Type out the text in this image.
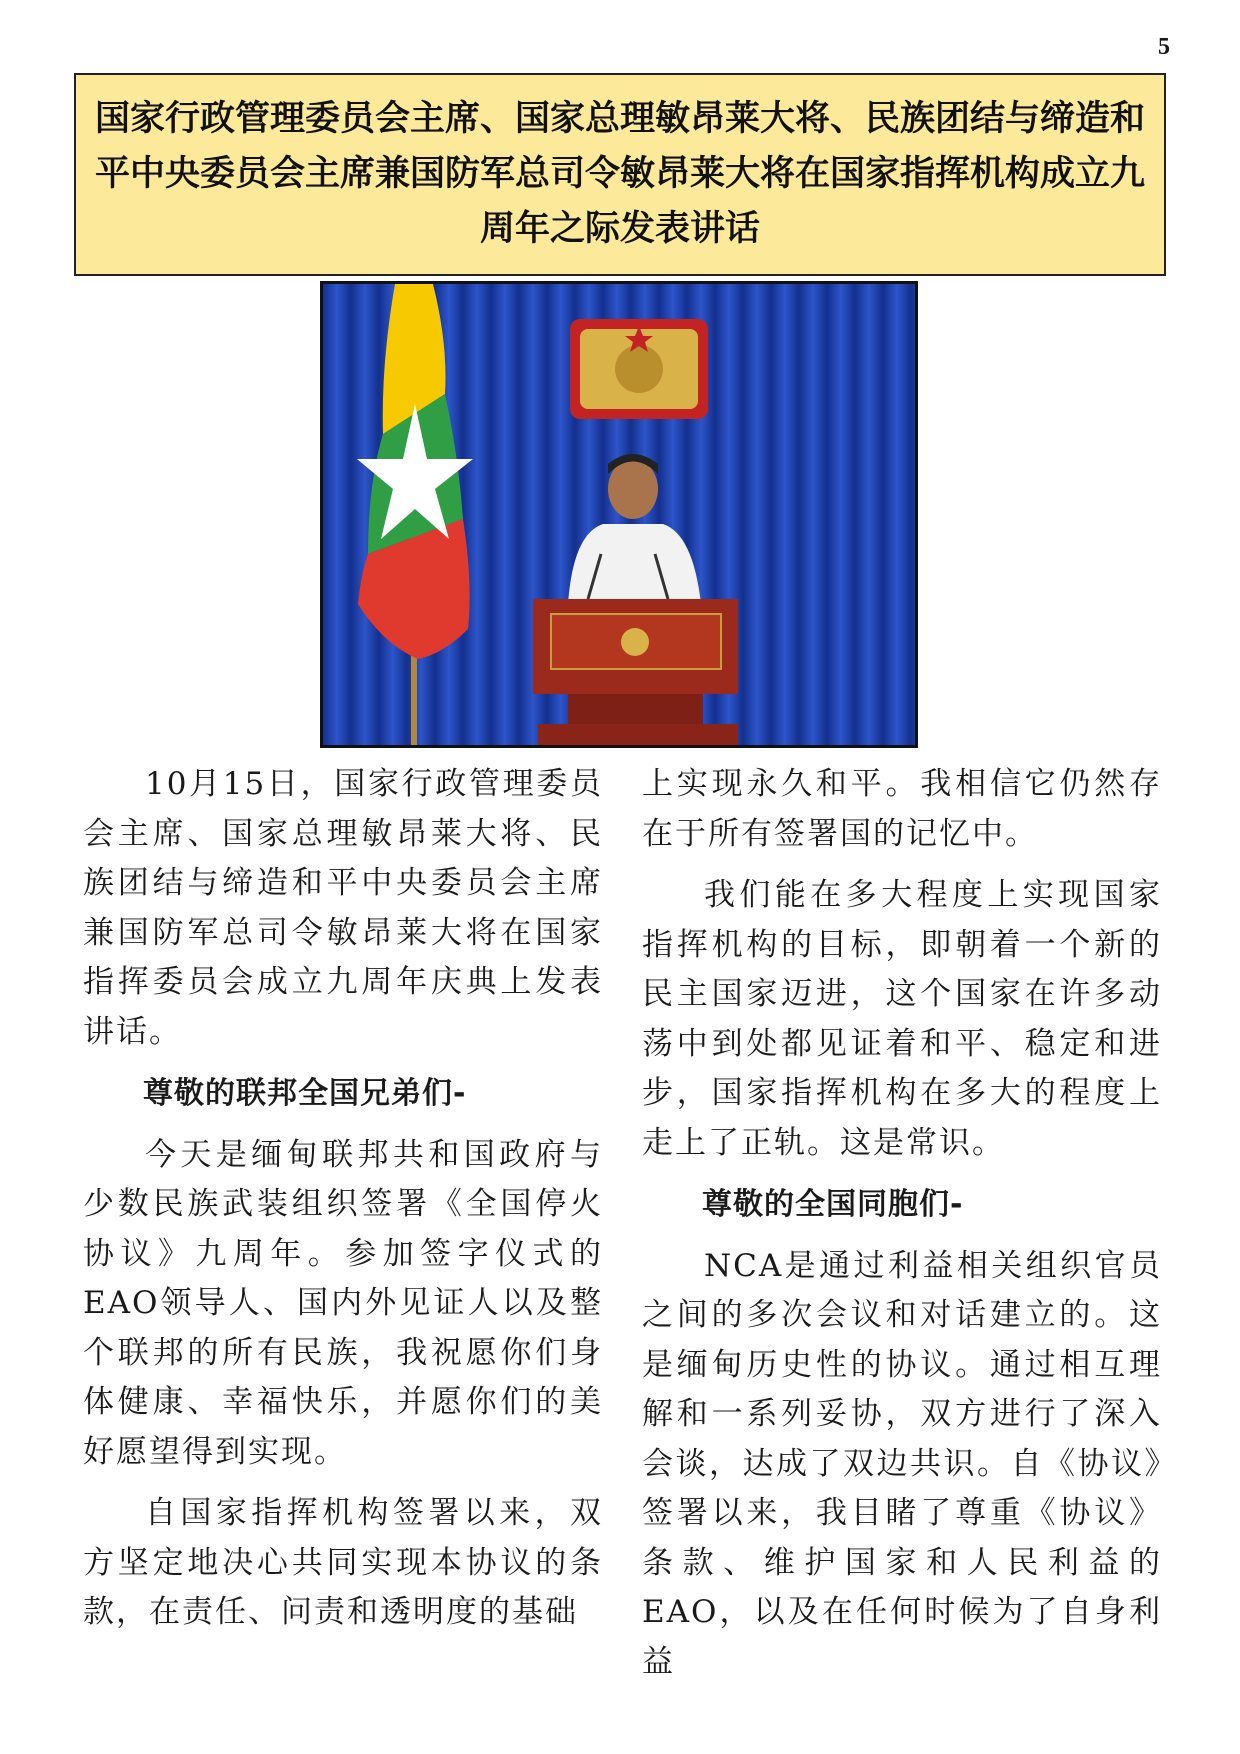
5
国家行政管理委员会主席、国家总理敏昂莱大将、民族团结与缔造和平中央委员会主席兼国防军总司令敏昂莱大将在国家指挥机构成立九周年之际发表讲话

10月15日，国家行政管理委员会主席、国家总理敏昂莱大将、民族团结与缔造和平中央委员会主席兼国防军总司令敏昂莱大将在国家指挥委员会成立九周年庆典上发表讲话。

尊敬的联邦全国兄弟们-

今天是缅甸联邦共和国政府与少数民族武装组织签署《全国停火协议》九周年。参加签字仪式的EAO领导人、国内外见证人以及整个联邦的所有民族，我祝愿你们身体健康、幸福快乐，并愿你们的美好愿望得到实现。

自国家指挥机构签署以来，双方坚定地决心共同实现本协议的条款，在责任、问责和透明度的基础

上实现永久和平。我相信它仍然存在于所有签署国的记忆中。

我们能在多大程度上实现国家指挥机构的目标，即朝着一个新的民主国家迈进，这个国家在许多动荡中到处都见证着和平、稳定和进步，国家指挥机构在多大的程度上走上了正轨。这是常识。

尊敬的全国同胞们-

NCA是通过利益相关组织官员之间的多次会议和对话建立的。这是缅甸历史性的协议。通过相互理解和一系列妥协，双方进行了深入会谈，达成了双边共识。自《协议》签署以来，我目睹了尊重《协议》条款、维护国家和人民利益的EAO，以及在任何时候为了自身利益
